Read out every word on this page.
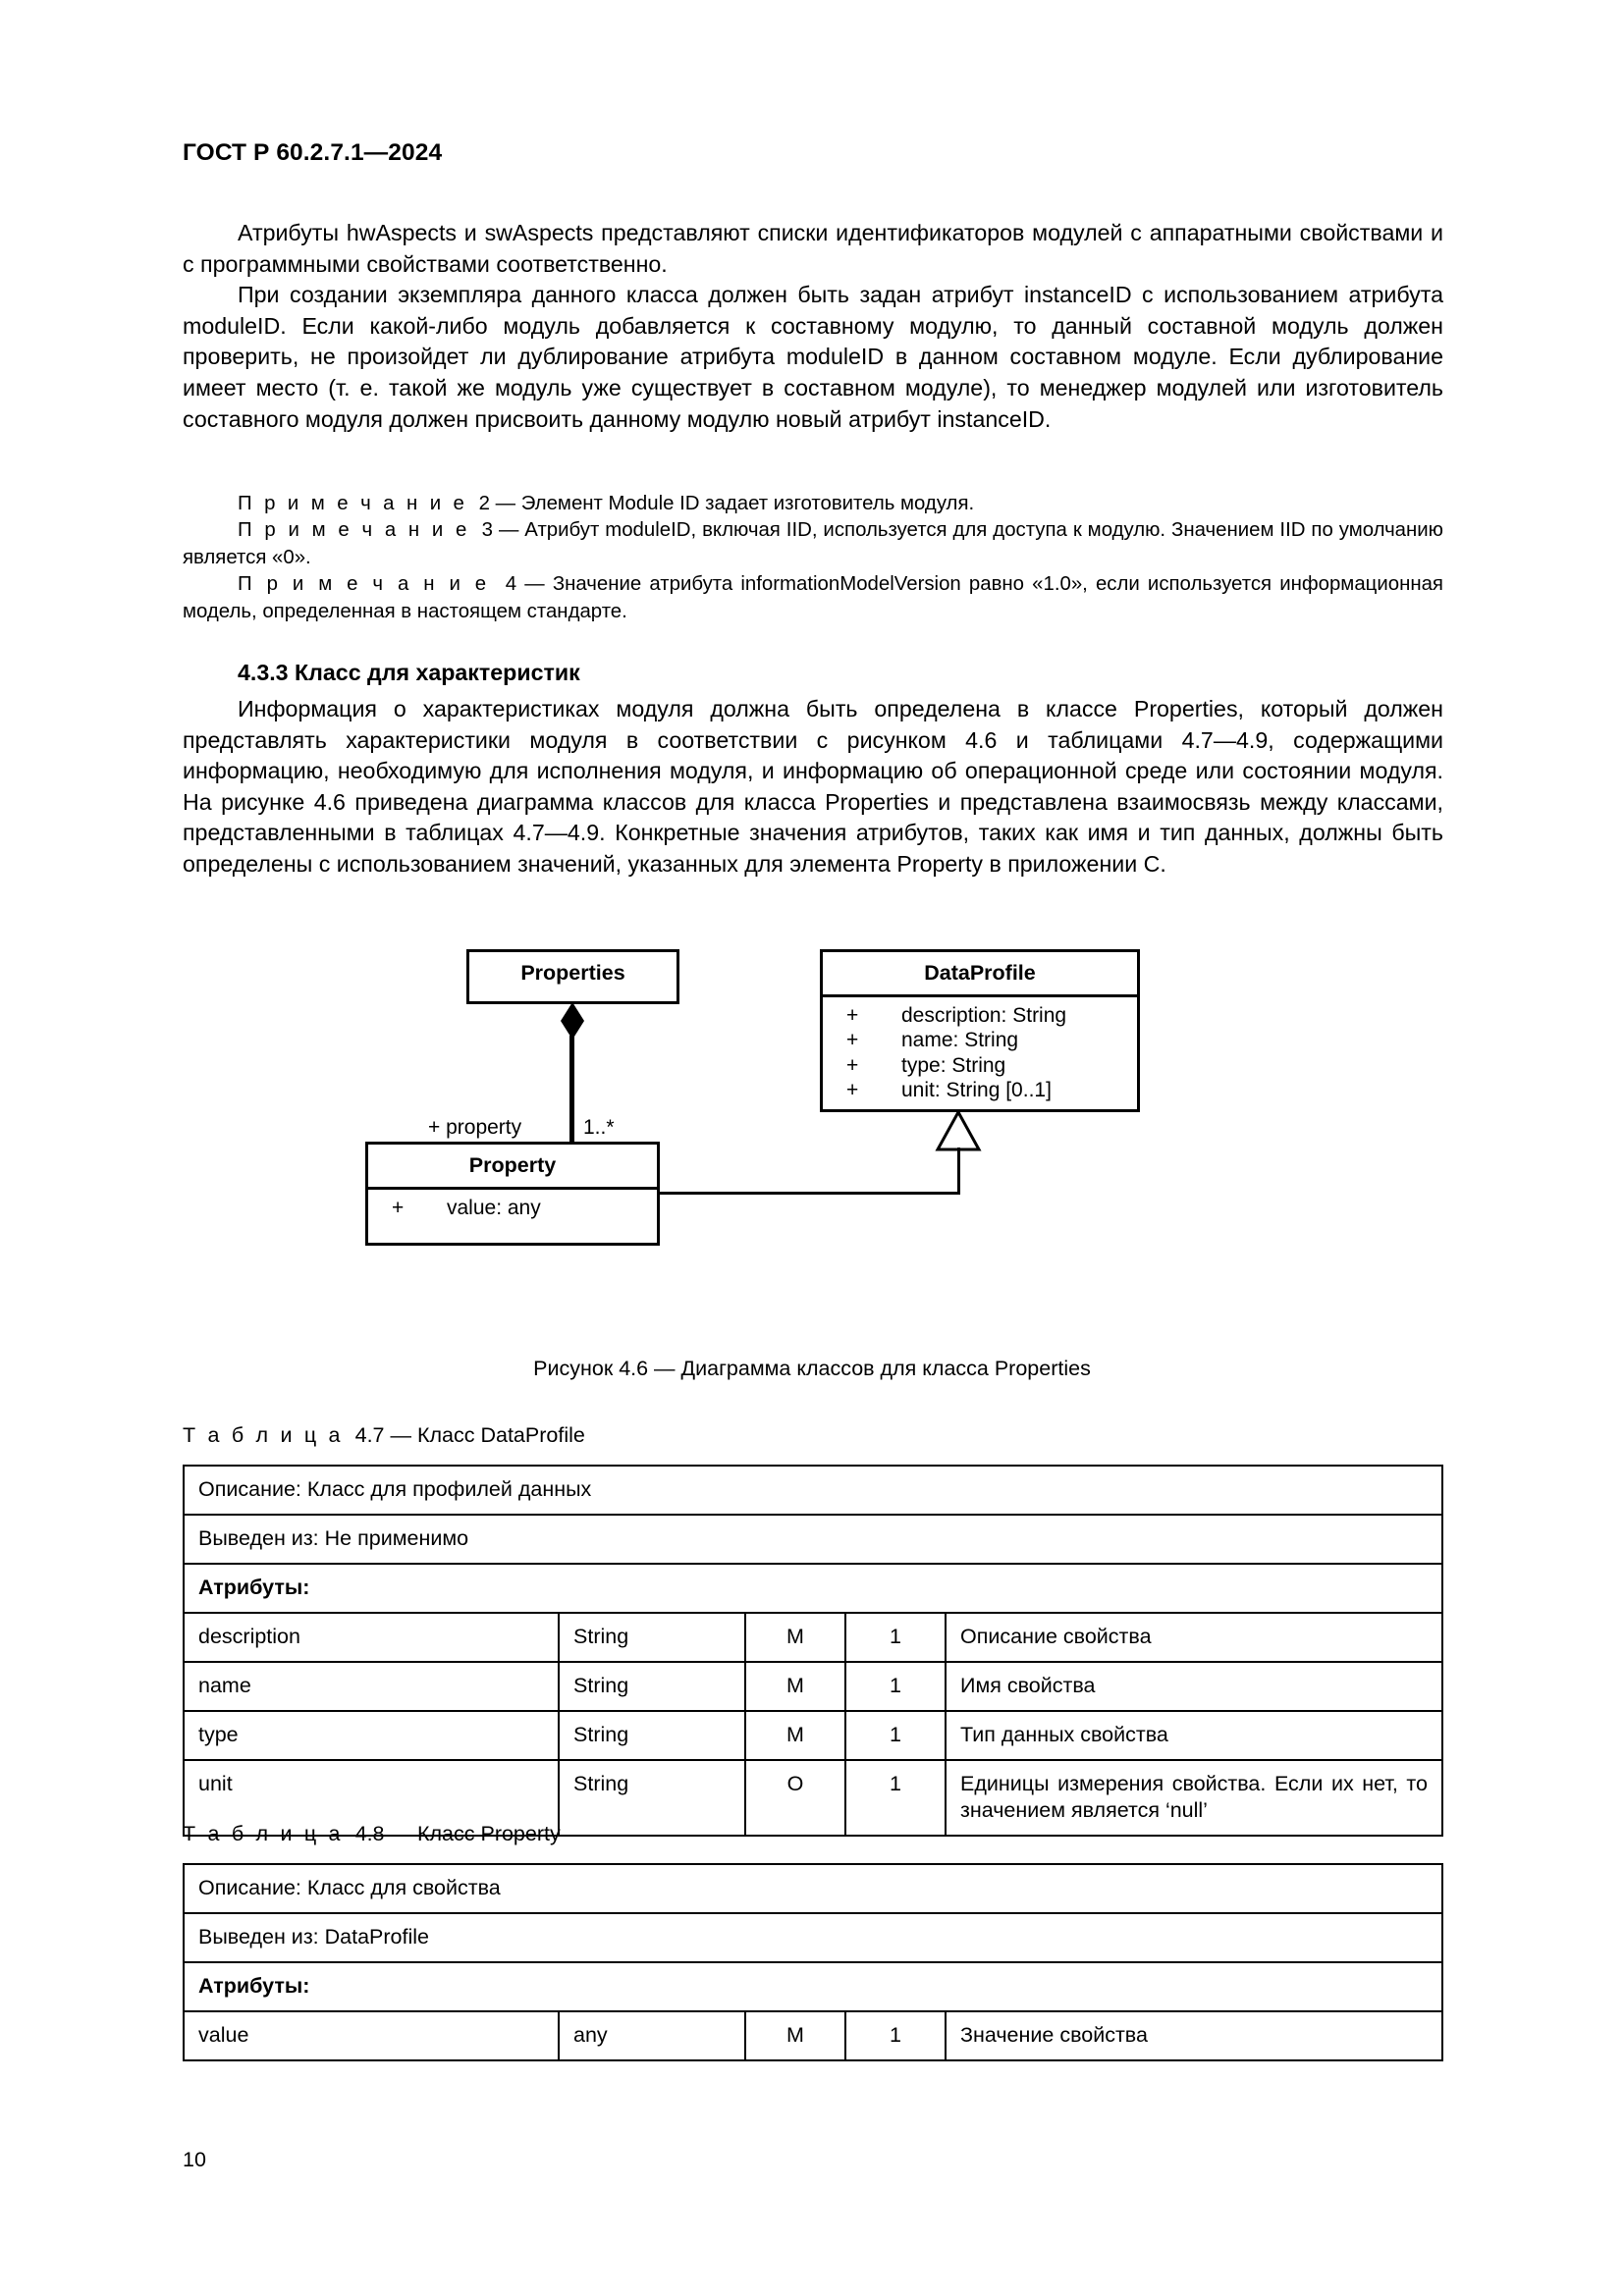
ГОСТ Р 60.2.7.1—2024

Атрибуты hwAspects и swAspects представляют списки идентификаторов модулей с аппаратными свойствами и с программными свойствами соответственно.

При создании экземпляра данного класса должен быть задан атрибут instanceID с использованием атрибута moduleID. Если какой-либо модуль добавляется к составному модулю, то данный составной модуль должен проверить, не произойдет ли дублирование атрибута moduleID в данном составном модуле. Если дублирование имеет место (т. е. такой же модуль уже существует в составном модуле), то менеджер модулей или изготовитель составного модуля должен присвоить данному модулю новый атрибут instanceID.

П р и м е ч а н и е 2 — Элемент Module ID задает изготовитель модуля.

П р и м е ч а н и е 3 — Атрибут moduleID, включая IID, используется для доступа к модулю. Значением IID по умолчанию является «0».

П р и м е ч а н и е 4 — Значение атрибута informationModelVersion равно «1.0», если используется информационная модель, определенная в настоящем стандарте.

4.3.3 Класс для характеристик

Информация о характеристиках модуля должна быть определена в классе Properties, который должен представлять характеристики модуля в соответствии с рисунком 4.6 и таблицами 4.7—4.9, содержащими информацию, необходимую для исполнения модуля, и информацию об операционной среде или состоянии модуля. На рисунке 4.6 приведена диаграмма классов для класса Properties и представлена взаимосвязь между классами, представленными в таблицах 4.7—4.9. Конкретные значения атрибутов, таких как имя и тип данных, должны быть определены с использованием значений, указанных для элемента Property в приложении С.

Properties
+ property	1..*
Property
+	value: any
DataProfile
+	description: String
+	name: String
+	type: String
+	unit: String [0..1]
Рисунок 4.6 — Диаграмма классов для класса Properties
Т а б л и ц а 4.7 — Класс DataProfile
Описание: Класс для профилей данных				
Выведен из: Не применимо				
Атрибуты:				
description	String	M	1	Описание свойства
name	String	M	1	Имя свойства
type	String	M	1	Тип данных свойства
unit	String	O	1	Единицы измерения свойства. Если их нет, то значением является ‘null’
Т а б л и ц а 4.8 — Класс Property
Описание: Класс для свойства
Выведен из: DataProfile
Атрибуты:
value	any	M	1	Значение свойства
10
